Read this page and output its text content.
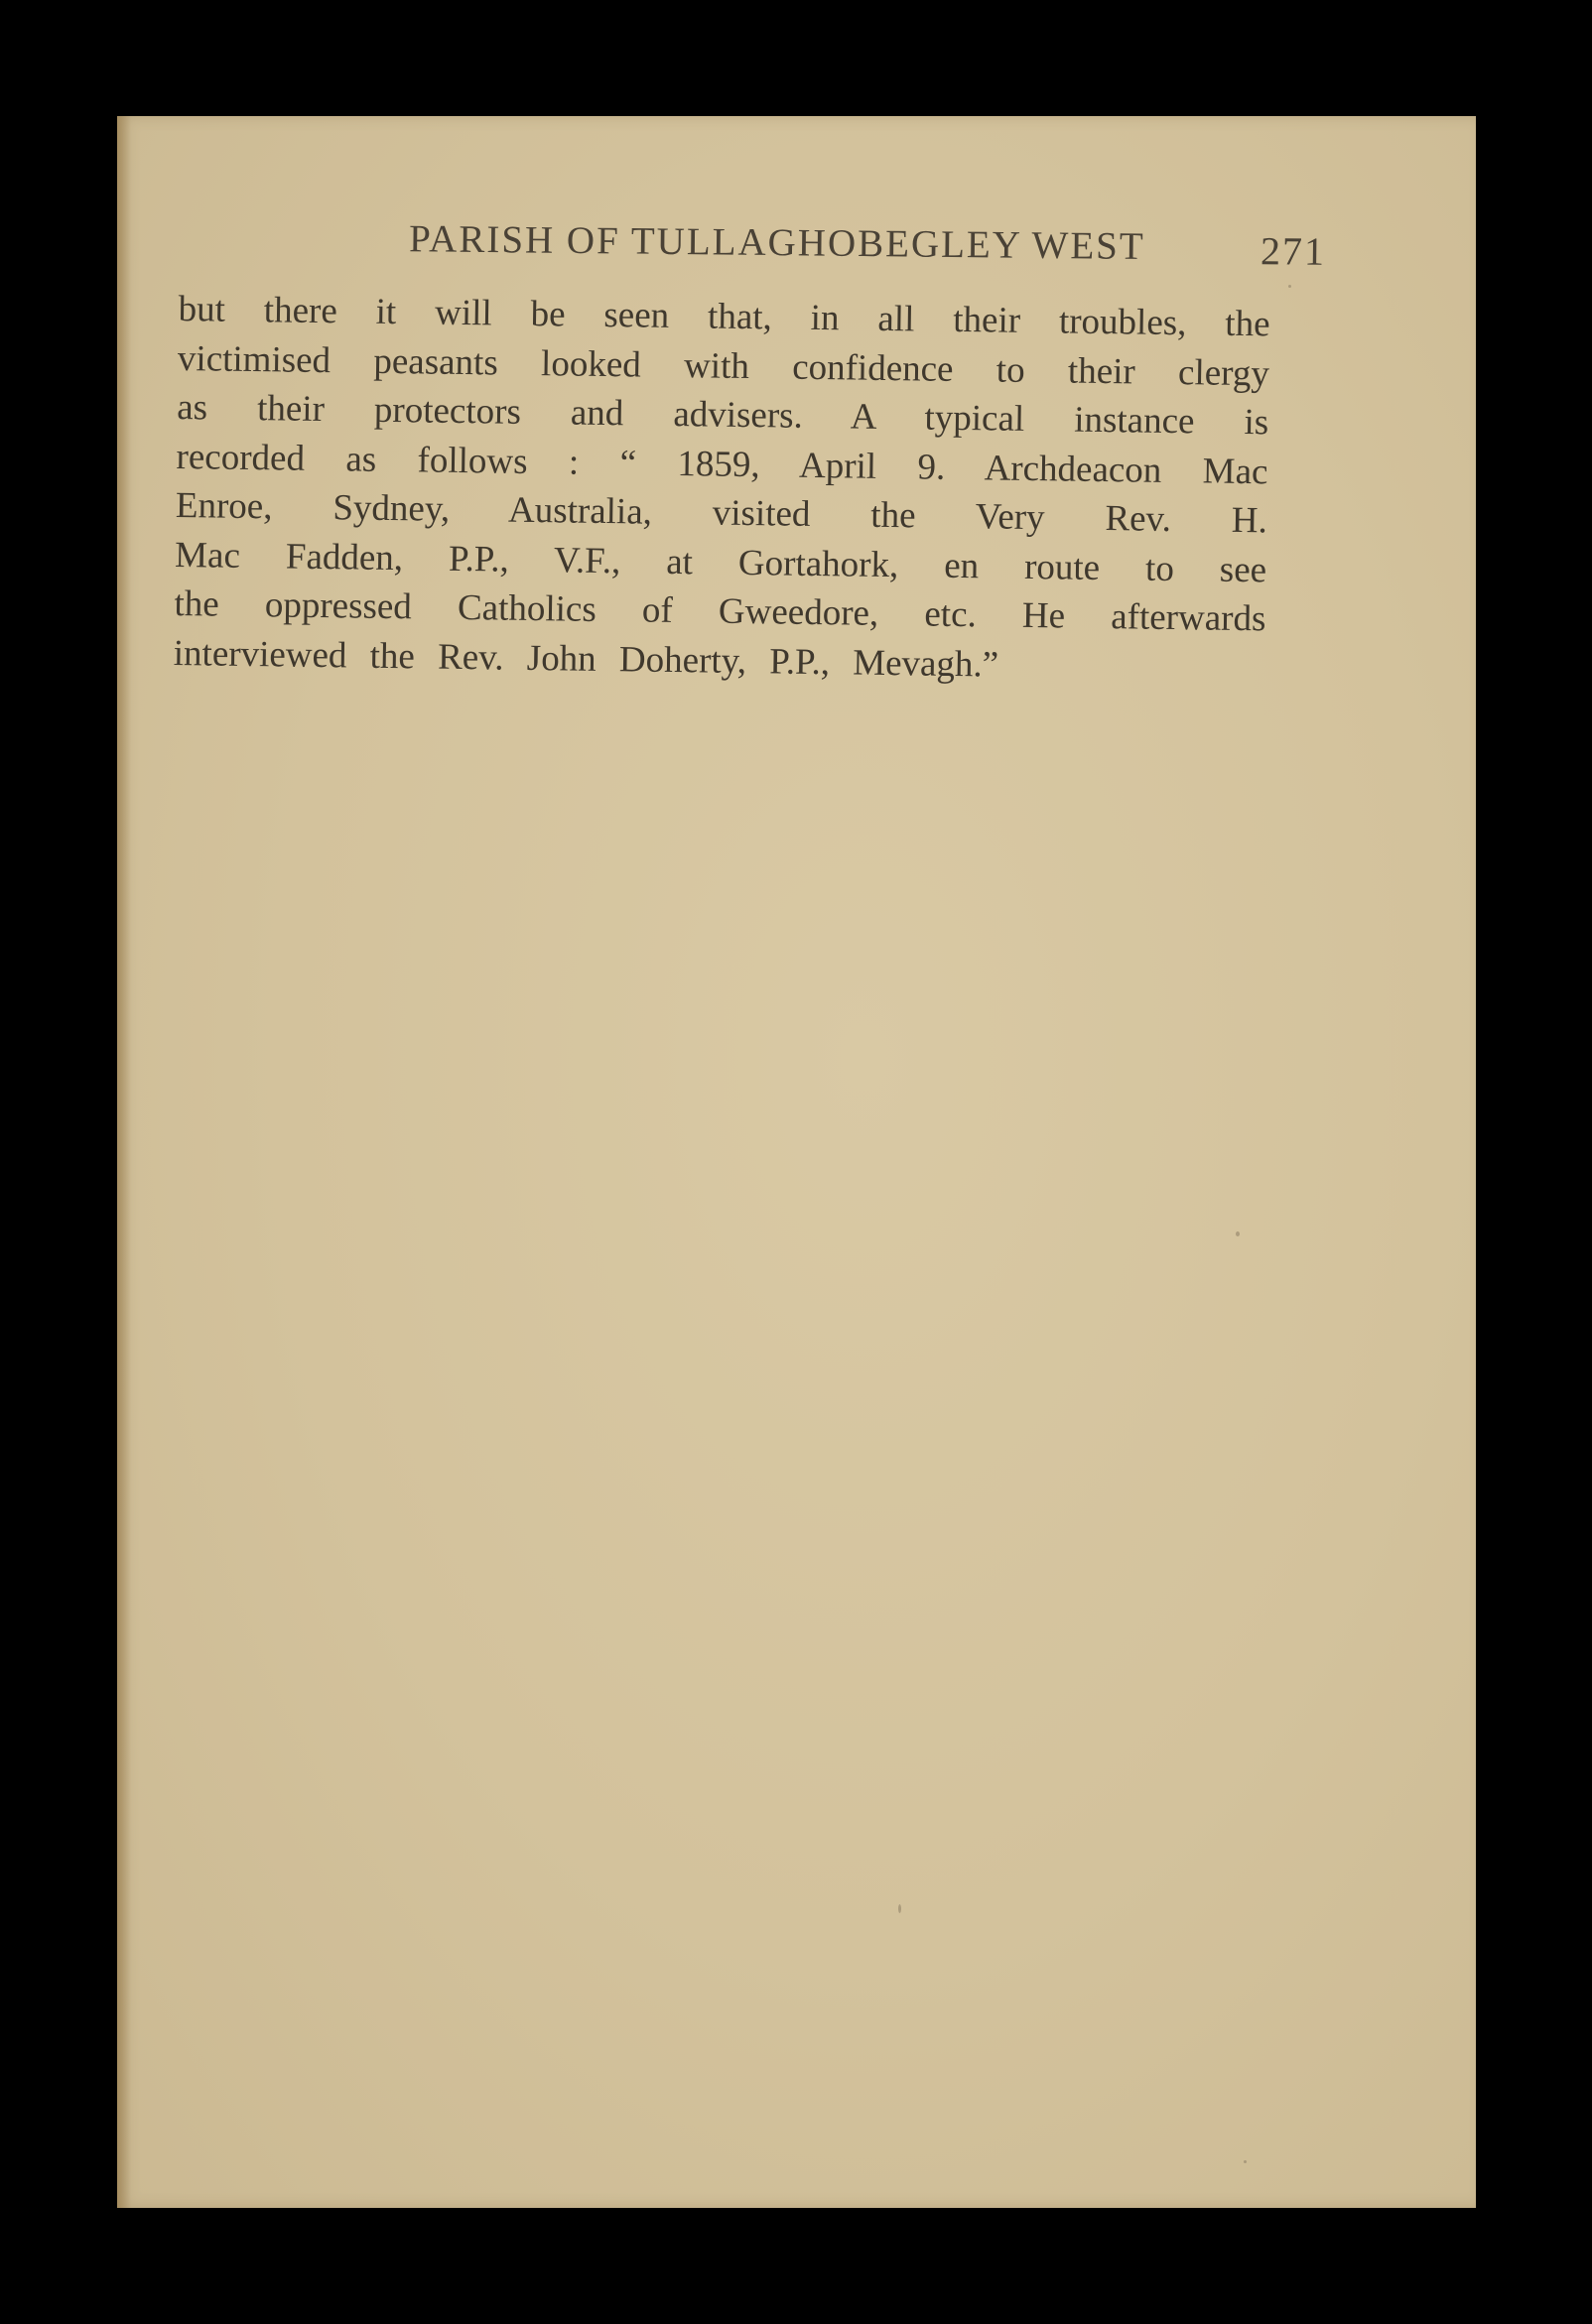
PARISH OF TULLAGHOBEGLEY WEST	271
but there it will be seen that, in all their troubles, the
victimised peasants looked with confidence to their clergy
as their protectors and advisers. A typical instance is
recorded as follows : “ 1859, April 9. Archdeacon Mac
Enroe, Sydney, Australia, visited the Very Rev. H.
Mac Fadden, P.P., V.F., at Gortahork, en route to see
the oppressed Catholics of Gweedore, etc. He afterwards
interviewed the Rev. John Doherty, P.P., Mevagh.”
